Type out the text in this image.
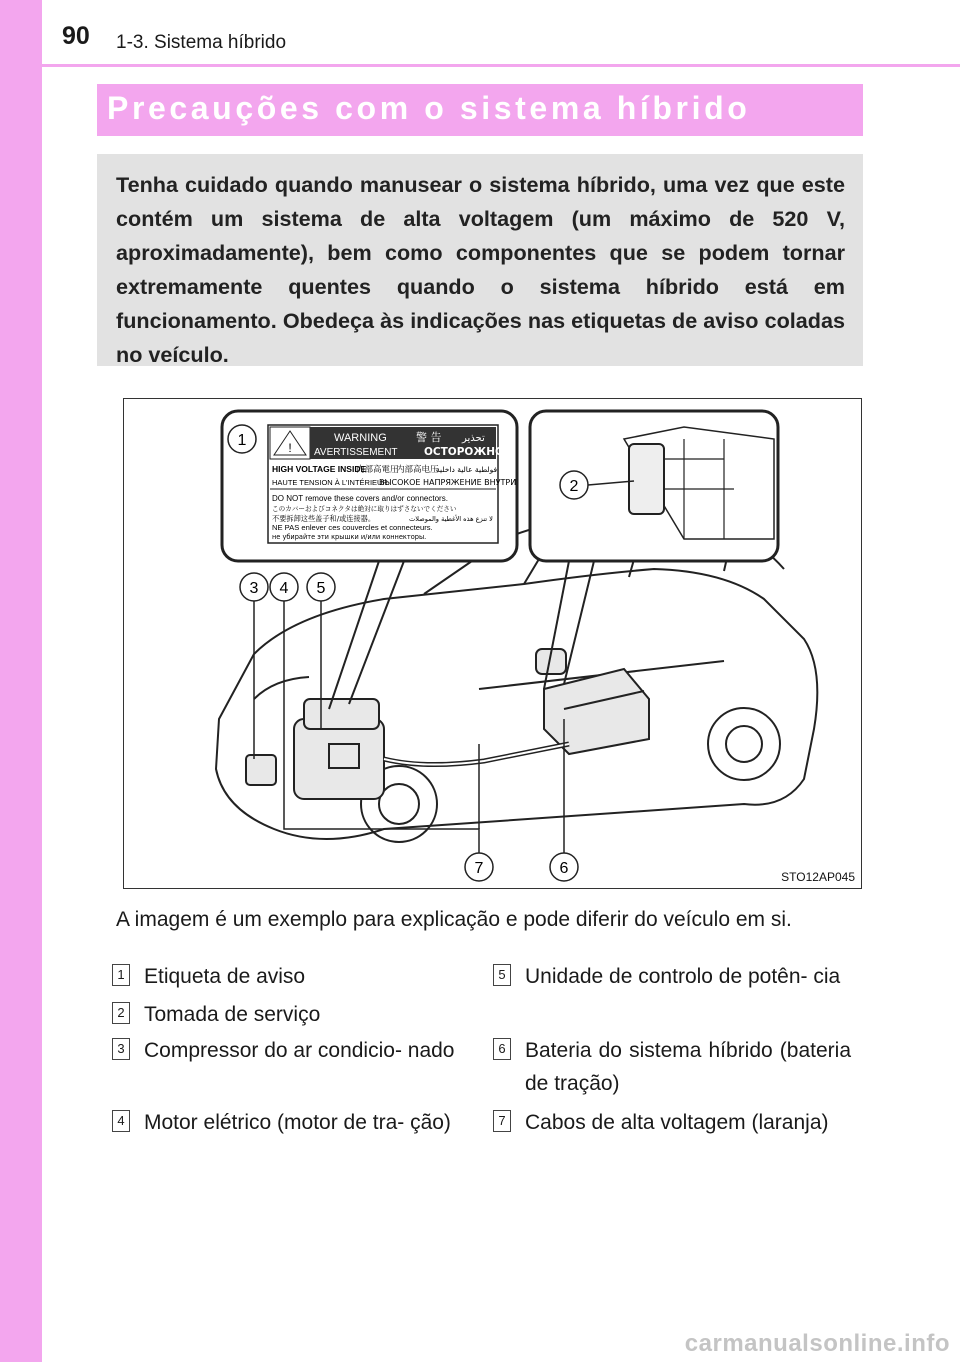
90 1-3. Sistema híbrido
Precauções com o sistema híbrido

Tenha cuidado quando manusear o sistema híbrido, uma vez que este contém um sistema de alta voltagem (um máximo de 520 V, aproximadamente), bem como componentes que se podem tornar extremamente quentes quando o sistema híbrido está em funcionamento. Obedeça às indicações nas etiquetas de aviso coladas no veículo.

!
WARNING	警 告 تحذير
AVERTISSEMENT	ОСТОРОЖНО
HIGH VOLTAGE INSIDE
内部高電圧
内部高电压
فولطية عالية داخلية
HAUTE TENSION À L'INTÉRIEUR
ВЫСОКОЕ НАПРЯЖЕНИЕ ВНУТРИ
DO NOT remove these covers and/or connectors.
このカバーおよびコネクタは絶対に取りはずさないでください
不要拆卸这些盖子和/或连接器。	لا تنزع هذه الأغطية والموصلات
NE PAS enlever ces couvercles et connecteurs.
не убирайте эти крышки и/или коннекторы.
1
2
3 4 5
6
7	STO12AP045
A imagem é um exemplo para explicação e pode diferir do veículo em si.
1 Etiqueta de aviso
2 Tomada de serviço
3 Compressor do ar condicio- nado
4 Motor elétrico (motor de tra- ção)
5 Unidade de controlo de potên- cia
6 Bateria do sistema híbrido (bateria de tração)
7 Cabos de alta voltagem (laranja)
carmanualsonline.info
